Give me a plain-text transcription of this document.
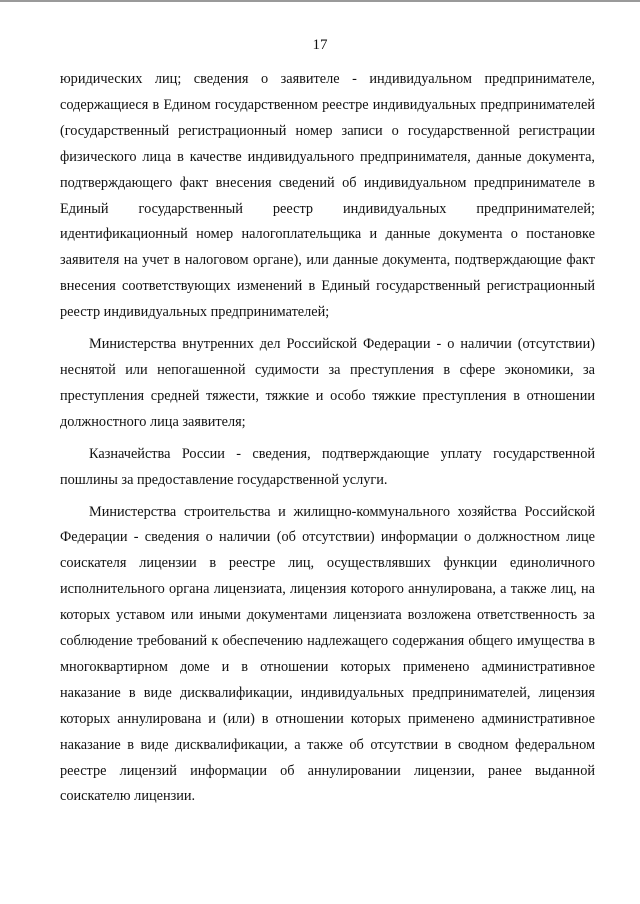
17

юридических лиц; сведения о заявителе - индивидуальном предпринимателе, содержащиеся в Едином государственном реестре индивидуальных предпринимателей (государственный регистрационный номер записи о государственной регистрации физического лица в качестве индивидуального предпринимателя, данные документа, подтверждающего факт внесения сведений об индивидуальном предпринимателе в Единый государственный реестр индивидуальных предпринимателей; идентификационный номер налогоплательщика и данные документа о постановке заявителя на учет в налоговом органе), или данные документа, подтверждающие факт внесения соответствующих изменений в Единый государственный регистрационный реестр индивидуальных предпринимателей;

Министерства внутренних дел Российской Федерации - о наличии (отсутствии) неснятой или непогашенной судимости за преступления в сфере экономики, за преступления средней тяжести, тяжкие и особо тяжкие преступления в отношении должностного лица заявителя;

Казначейства России - сведения, подтверждающие уплату государственной пошлины за предоставление государственной услуги.

Министерства строительства и жилищно-коммунального хозяйства Российской Федерации - сведения о наличии (об отсутствии) информации о должностном лице соискателя лицензии в реестре лиц, осуществлявших функции единоличного исполнительного органа лицензиата, лицензия которого аннулирована, а также лиц, на которых уставом или иными документами лицензиата возложена ответственность за соблюдение требований к обеспечению надлежащего содержания общего имущества в многоквартирном доме и в отношении которых применено административное наказание в виде дисквалификации, индивидуальных предпринимателей, лицензия которых аннулирована и (или) в отношении которых применено административное наказание в виде дисквалификации, а также об отсутствии в сводном федеральном реестре лицензий информации об аннулировании лицензии, ранее выданной соискателю лицензии.
